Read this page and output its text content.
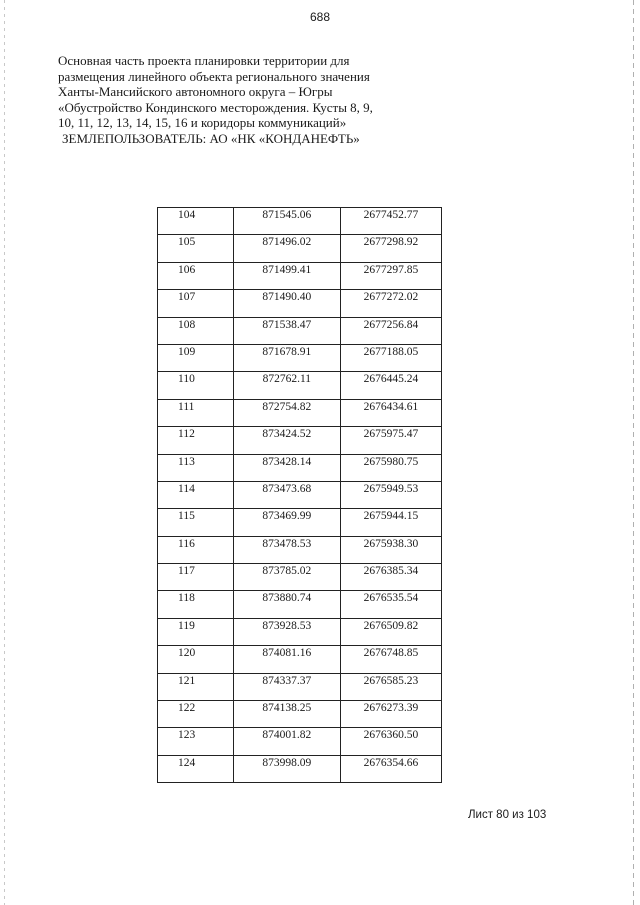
688
Основная часть проекта планировки территории для
размещения линейного объекта регионального значения
Ханты-Мансийского автономного округа – Югры
«Обустройство Кондинского месторождения. Кусты 8, 9,
10, 11, 12, 13, 14, 15, 16 и коридоры коммуникаций»
ЗЕМЛЕПОЛЬЗОВАТЕЛЬ: АО «НК «КОНДАНЕФТЬ»
104	871545.06	2677452.77
105	871496.02	2677298.92
106	871499.41	2677297.85
107	871490.40	2677272.02
108	871538.47	2677256.84
109	871678.91	2677188.05
110	872762.11	2676445.24
111	872754.82	2676434.61
112	873424.52	2675975.47
113	873428.14	2675980.75
114	873473.68	2675949.53
115	873469.99	2675944.15
116	873478.53	2675938.30
117	873785.02	2676385.34
118	873880.74	2676535.54
119	873928.53	2676509.82
120	874081.16	2676748.85
121	874337.37	2676585.23
122	874138.25	2676273.39
123	874001.82	2676360.50
124	873998.09	2676354.66
Лист 80 из 103
